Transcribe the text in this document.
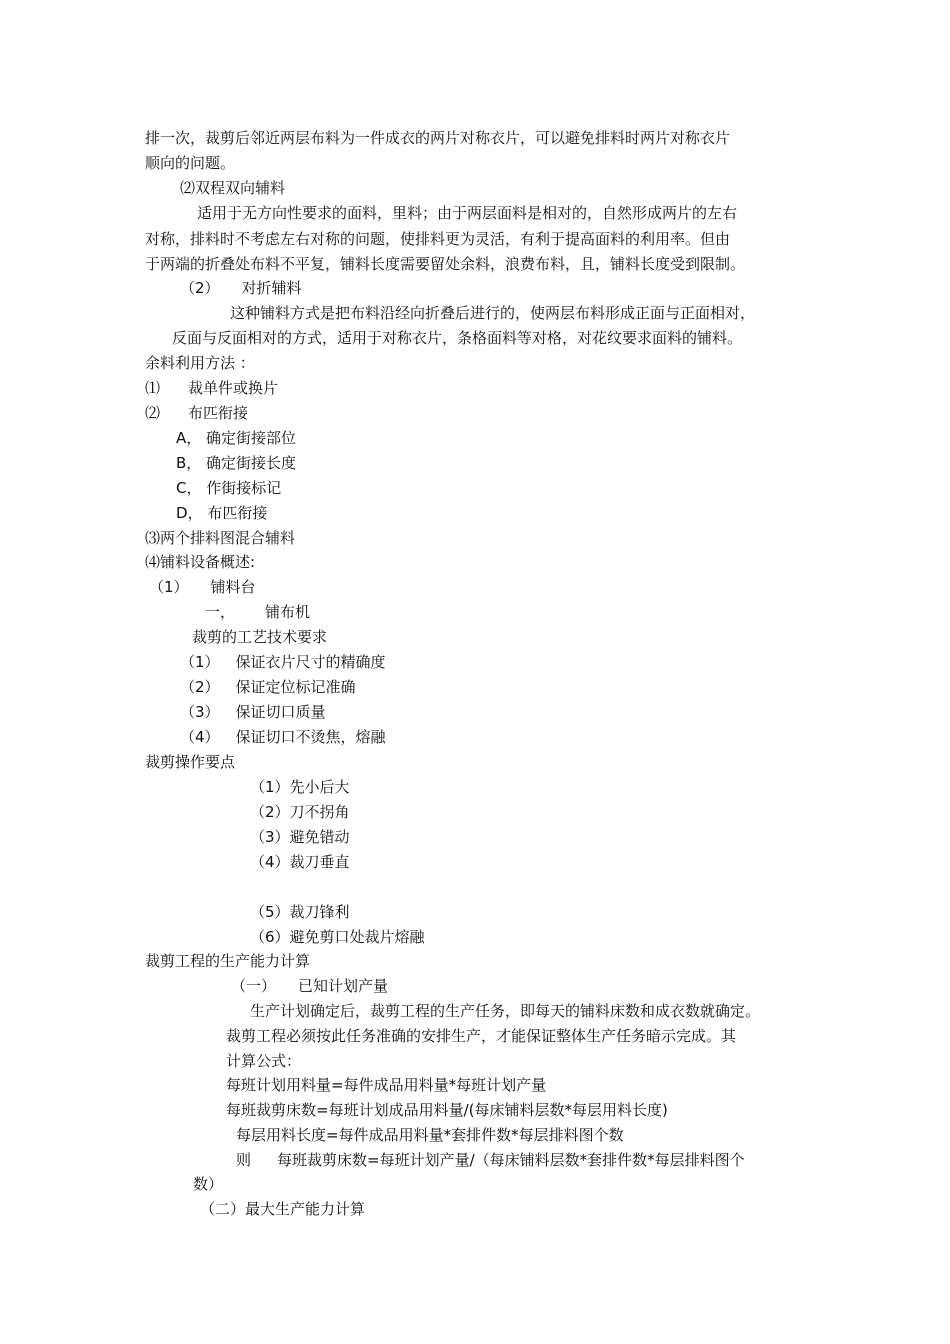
排一次，裁剪后邻近两层布料为一件成衣的两片对称衣片，可以避免排料时两片对称衣片
顺向的问题。
⑵双程双向辅料
适用于无方向性要求的面料，里料；由于两层面料是相对的，自然形成两片的左右
对称，排料时不考虑左右对称的问题，使排料更为灵活，有利于提高面料的利用率。但由
于两端的折叠处布料不平复，铺料长度需要留处余料，浪费布料，且，铺料长度受到限制。
（2） 对折辅料
这种铺料方式是把布料沿经向折叠后进行的，使两层布料形成正面与正面相对，
反面与反面相对的方式，适用于对称衣片，条格面料等对格，对花纹要求面料的铺料。
余料利用方法 ：
⑴ 裁单件或换片
⑵ 布匹衔接
A， 确定街接部位
B， 确定街接长度
C， 作街接标记
D， 布匹衔接
⑶两个排料图混合辅料
⑷铺料设备概述:
（1） 铺料台
一， 铺布机
裁剪的工艺技术要求
（1） 保证衣片尺寸的精确度
（2） 保证定位标记准确
（3） 保证切口质量
（4） 保证切口不烫焦，熔融
裁剪操作要点
（1）先小后大
（2）刀不拐角
（3）避免错动
（4）裁刀垂直
（5）裁刀锋利
（6）避免剪口处裁片熔融
裁剪工程的生产能力计算
（一） 已知计划产量
生产计划确定后，裁剪工程的生产任务，即每天的铺料床数和成衣数就确定。
裁剪工程必须按此任务准确的安排生产，才能保证整体生产任务暗示完成。其
计算公式：
每班计划用料量=每件成品用料量*每班计划产量
每班裁剪床数=每班计划成品用料量/(每床铺料层数*每层用料长度)
每层用料长度=每件成品用料量*套排件数*每层排料图个数
则 每班裁剪床数=每班计划产量/（每床铺料层数*套排件数*每层排料图个
数）
（二）最大生产能力计算
